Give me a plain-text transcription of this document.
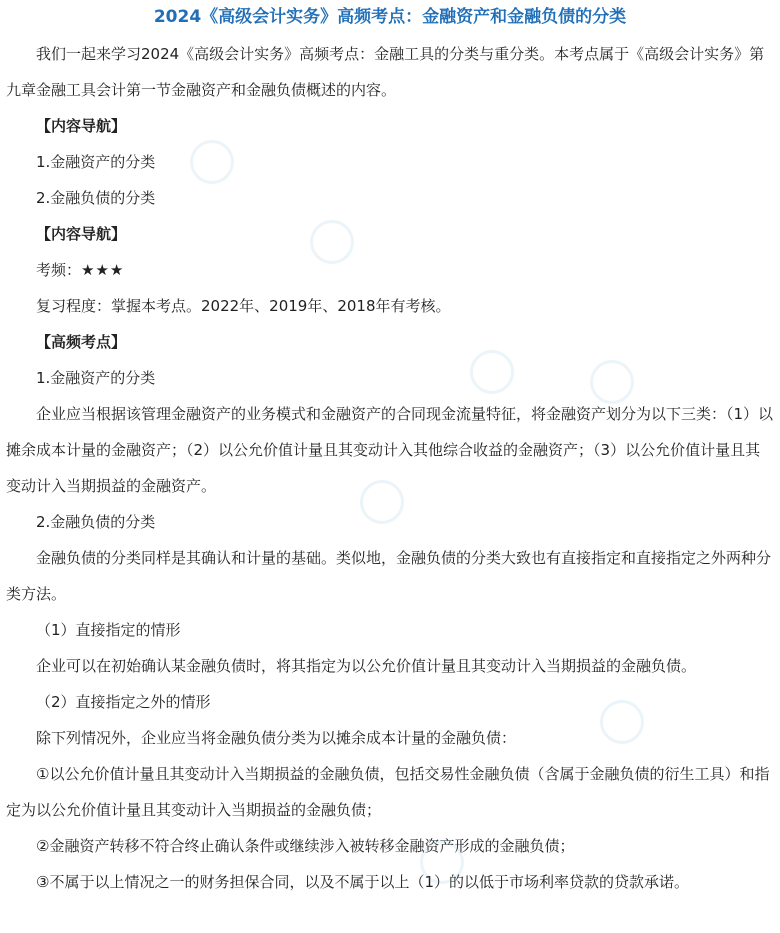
2024《高级会计实务》高频考点：金融资产和金融负债的分类

我们一起来学习2024《高级会计实务》高频考点：金融工具的分类与重分类。本考点属于《高级会计实务》第九章金融工具会计第一节金融资产和金融负债概述的内容。

【内容导航】

1.金融资产的分类

2.金融负债的分类

【内容导航】

考频：★★★

复习程度：掌握本考点。2022年、2019年、2018年有考核。

【高频考点】

1.金融资产的分类

企业应当根据该管理金融资产的业务模式和金融资产的合同现金流量特征，将金融资产划分为以下三类：（1）以摊余成本计量的金融资产；（2）以公允价值计量且其变动计入其他综合收益的金融资产；（3）以公允价值计量且其变动计入当期损益的金融资产。

2.金融负债的分类

金融负债的分类同样是其确认和计量的基础。类似地，金融负债的分类大致也有直接指定和直接指定之外两种分类方法。

（1）直接指定的情形

企业可以在初始确认某金融负债时，将其指定为以公允价值计量且其变动计入当期损益的金融负债。

（2）直接指定之外的情形

除下列情况外，企业应当将金融负债分类为以摊余成本计量的金融负债：

①以公允价值计量且其变动计入当期损益的金融负债，包括交易性金融负债（含属于金融负债的衍生工具）和指定为以公允价值计量且其变动计入当期损益的金融负债；

②金融资产转移不符合终止确认条件或继续涉入被转移金融资产形成的金融负债；

③不属于以上情况之一的财务担保合同，以及不属于以上（1）的以低于市场利率贷款的贷款承诺。
